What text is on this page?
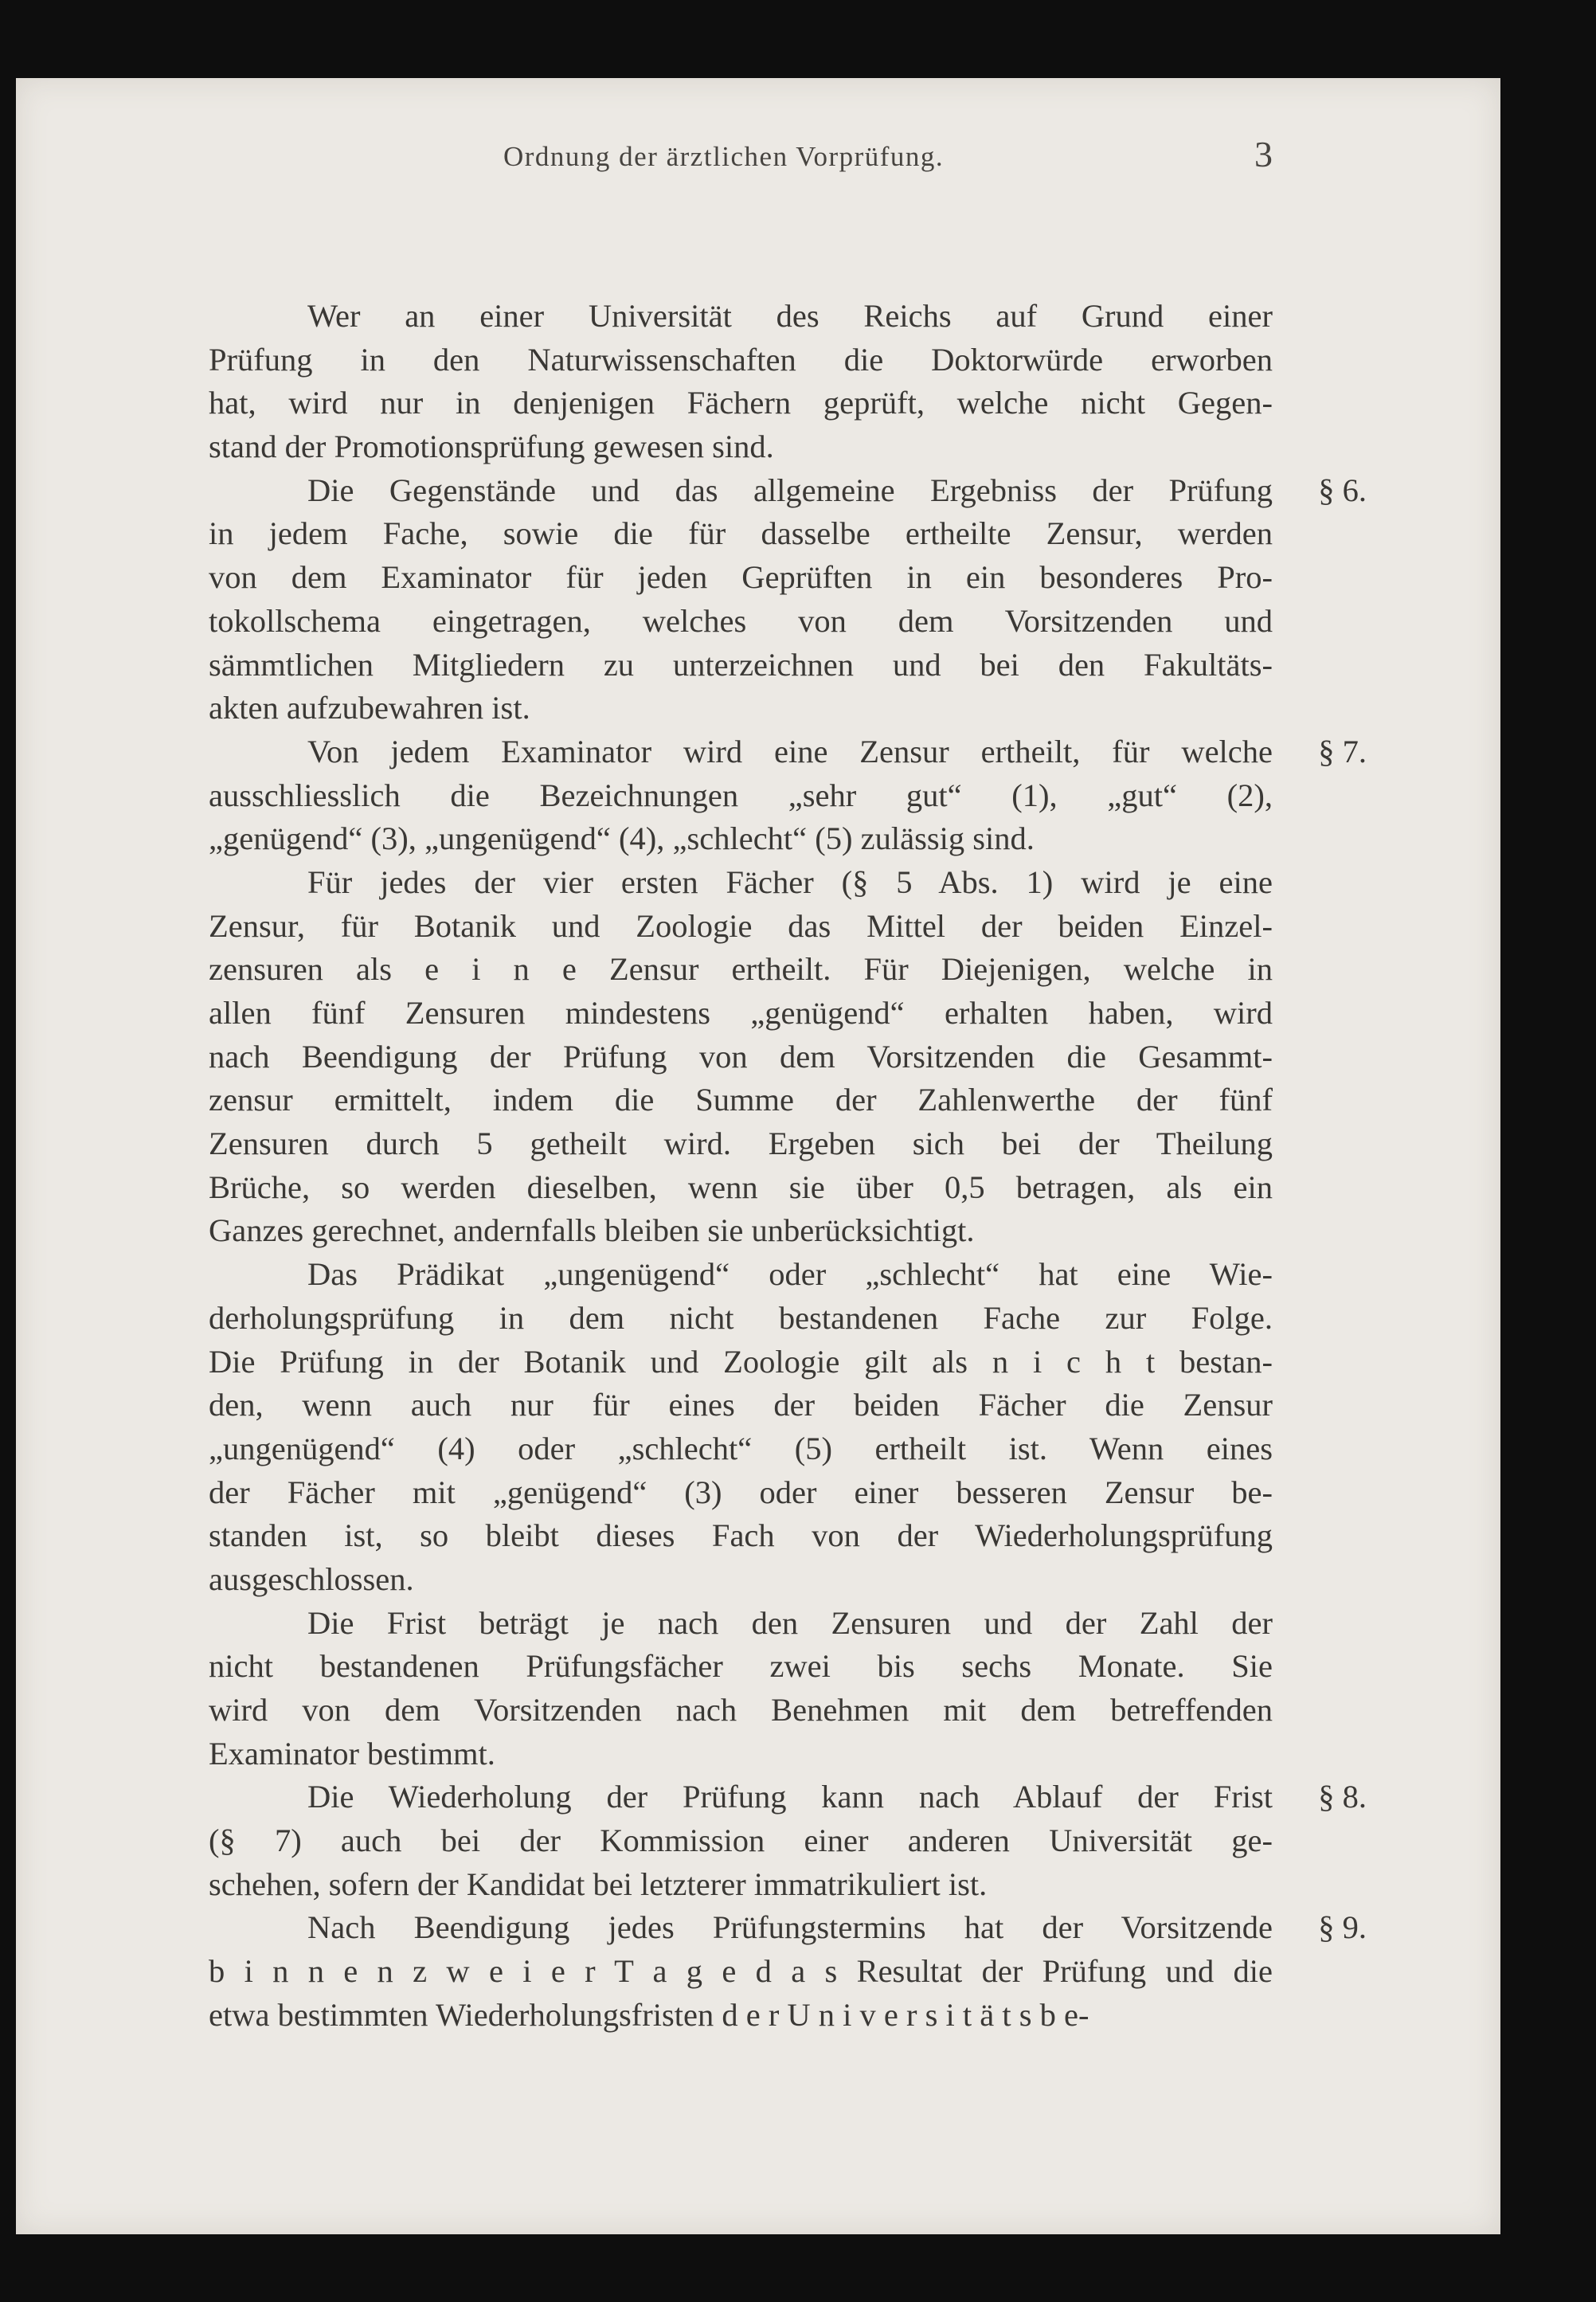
Ordnung der ärztlichen Vorprüfung.	3
Wer an einer Universität des Reichs auf Grund einer
Prüfung in den Naturwissenschaften die Doktorwürde erworben
hat, wird nur in denjenigen Fächern geprüft, welche nicht Gegen-
stand der Promotionsprüfung gewesen sind.
Die Gegenstände und das allgemeine Ergebniss der Prüfung § 6.
in jedem Fache, sowie die für dasselbe ertheilte Zensur, werden
von dem Examinator für jeden Geprüften in ein besonderes Pro-
tokollschema eingetragen, welches von dem Vorsitzenden und
sämmtlichen Mitgliedern zu unterzeichnen und bei den Fakultäts-
akten aufzubewahren ist.
Von jedem Examinator wird eine Zensur ertheilt, für welche § 7.
ausschliesslich die Bezeichnungen „sehr gut“ (1), „gut“ (2),
„genügend“ (3), „ungenügend“ (4), „schlecht“ (5) zulässig sind.
Für jedes der vier ersten Fächer (§ 5 Abs. 1) wird je eine
Zensur, für Botanik und Zoologie das Mittel der beiden Einzel-
zensuren als e i n e Zensur ertheilt. Für Diejenigen, welche in
allen fünf Zensuren mindestens „genügend“ erhalten haben, wird
nach Beendigung der Prüfung von dem Vorsitzenden die Gesammt-
zensur ermittelt, indem die Summe der Zahlenwerthe der fünf
Zensuren durch 5 getheilt wird. Ergeben sich bei der Theilung
Brüche, so werden dieselben, wenn sie über 0,5 betragen, als ein
Ganzes gerechnet, andernfalls bleiben sie unberücksichtigt.
Das Prädikat „ungenügend“ oder „schlecht“ hat eine Wie-
derholungsprüfung in dem nicht bestandenen Fache zur Folge.
Die Prüfung in der Botanik und Zoologie gilt als n i c h t bestan-
den, wenn auch nur für eines der beiden Fächer die Zensur
„ungenügend“ (4) oder „schlecht“ (5) ertheilt ist. Wenn eines
der Fächer mit „genügend“ (3) oder einer besseren Zensur be-
standen ist, so bleibt dieses Fach von der Wiederholungsprüfung
ausgeschlossen.
Die Frist beträgt je nach den Zensuren und der Zahl der
nicht bestandenen Prüfungsfächer zwei bis sechs Monate. Sie
wird von dem Vorsitzenden nach Benehmen mit dem betreffenden
Examinator bestimmt.
Die Wiederholung der Prüfung kann nach Ablauf der Frist § 8.
(§ 7) auch bei der Kommission einer anderen Universität ge-
schehen, sofern der Kandidat bei letzterer immatrikuliert ist.
Nach Beendigung jedes Prüfungstermins hat der Vorsitzende § 9.
b i n n e n z w e i e r T a g e d a s Resultat der Prüfung und die
etwa bestimmten Wiederholungsfristen d e r U n i v e r s i t ä t s b e-
